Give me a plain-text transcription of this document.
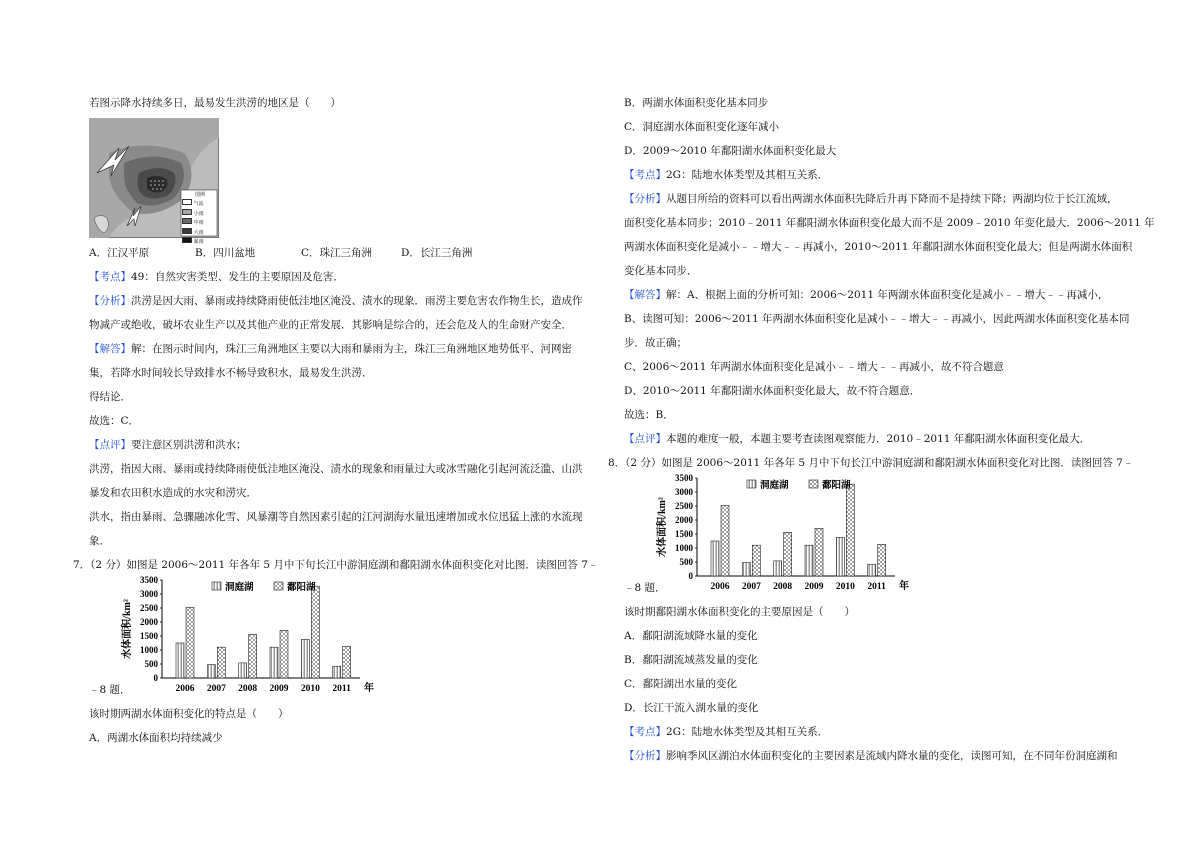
若图示降水持续多日，最易发生洪涝的地区是（　　）
图例
气流
小雨
中雨
大雨
暴雨
A．江汉平原	B．四川盆地	C．珠江三角洲	D．长江三角洲
【考点】49：自然灾害类型、发生的主要原因及危害．
【分析】洪涝是因大雨、暴雨或持续降雨使低洼地区淹没、渍水的现象．雨涝主要危害农作物生长，造成作
物减产或绝收，破坏农业生产以及其他产业的正常发展．其影响是综合的，还会危及人的生命财产安全．
【解答】解：在图示时间内，珠江三角洲地区主要以大雨和暴雨为主，珠江三角洲地区地势低平、河网密
集，若降水时间较长导致排水不畅导致积水，最易发生洪涝．
得结论．
故选：C．
【点评】要注意区别洪涝和洪水；
洪涝，指因大雨、暴雨或持续降雨使低洼地区淹没、渍水的现象和雨量过大或冰雪融化引起河流泛滥、山洪
暴发和农田积水造成的水灾和涝灾．
洪水，指由暴雨、急骤融冰化雪、风暴潮等自然因素引起的江河湖海水量迅速增加或水位迅猛上涨的水流现
象．
7．（2 分）如图是 2006～2011 年各年 5 月中下旬长江中游洞庭湖和鄱阳湖水体面积变化对比图．读图回答 7﹣
水体面积/km²
0
500
1000
1500
2000
2500
3000
3500
2006 2007 2008 2009 2010 2011 年
洞庭湖	鄱阳湖
﹣8 题．
该时期两湖水体面积变化的特点是（　　）
A．两湖水体面积均持续减少
B．两湖水体面积变化基本同步
C．洞庭湖水体面积变化逐年减小
D．2009～2010 年鄱阳湖水体面积变化最大
【考点】2G：陆地水体类型及其相互关系．
【分析】从题目所给的资料可以看出两湖水体面积先降后升再下降而不是持续下降；两湖均位于长江流域，
面积变化基本同步；2010﹣2011 年鄱阳湖水体面积变化最大而不是 2009﹣2010 年变化最大．2006～2011 年
两湖水体面积变化是减小﹣﹣增大﹣﹣再减小，2010～2011 年鄱阳湖水体面积变化最大；但是两湖水体面积
变化基本同步．
【解答】解：A、根据上面的分析可知：2006～2011 年两湖水体面积变化是减小﹣﹣增大﹣﹣再减小，
B、读图可知：2006～2011 年两湖水体面积变化是减小﹣﹣增大﹣﹣再减小，因此两湖水体面积变化基本同
步．故正确；
C、2006～2011 年两湖水体面积变化是减小﹣﹣增大﹣﹣再减小，故不符合题意
D、2010～2011 年鄱阳湖水体面积变化最大，故不符合题意．
故选：B．
【点评】本题的难度一般，本题主要考查读图观察能力．2010﹣2011 年鄱阳湖水体面积变化最大．
8．（2 分）如图是 2006～2011 年各年 5 月中下旬长江中游洞庭湖和鄱阳湖水体面积变化对比图．读图回答 7﹣
水体面积/km²
0
500
1000
1500
2000
2500
3000
3500
2006 2007 2008 2009 2010 2011 年
洞庭湖	鄱阳湖
﹣8 题．
该时期鄱阳湖水体面积变化的主要原因是（　　）
A．鄱阳湖流域降水量的变化
B．鄱阳湖流域蒸发量的变化
C．鄱阳湖出水量的变化
D．长江干流入湖水量的变化
【考点】2G：陆地水体类型及其相互关系．
【分析】影响季风区湖泊水体面积变化的主要因素是流域内降水量的变化，读图可知，在不同年份洞庭湖和
